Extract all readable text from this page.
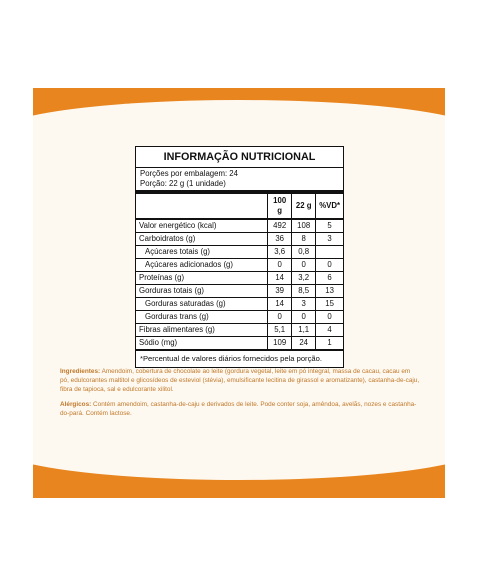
INFORMAÇÃO NUTRICIONAL
Porções por embalagem: 24
Porção: 22 g (1 unidade)
	100 g	22 g	%VD*
Valor energético (kcal)	492	108	5
Carboidratos (g)	36	8	3
Açúcares totais (g)	3,6	0,8	
Açúcares adicionados (g)	0	0	0
Proteínas (g)	14	3,2	6
Gorduras totais (g)	39	8,5	13
Gorduras saturadas (g)	14	3	15
Gorduras trans (g)	0	0	0
Fibras alimentares (g)	5,1	1,1	4
Sódio (mg)	109	24	1
*Percentual de valores diários fornecidos pela porção.
Ingredientes: Amendoim, cobertura de chocolate ao leite (gordura vegetal, leite em pó integral, massa de cacau, cacau em pó, edulcorantes maltitol e glicosídeos de esteviol (stévia), emulsificante lecitina de girassol e aromatizante), castanha-de-caju, fibra de tapioca, sal e edulcorante xilitol.
Alérgicos: Contém amendoim, castanha-de-caju e derivados de leite. Pode conter soja, amêndoa, avelãs, nozes e castanha-do-pará. Contém lactose.
